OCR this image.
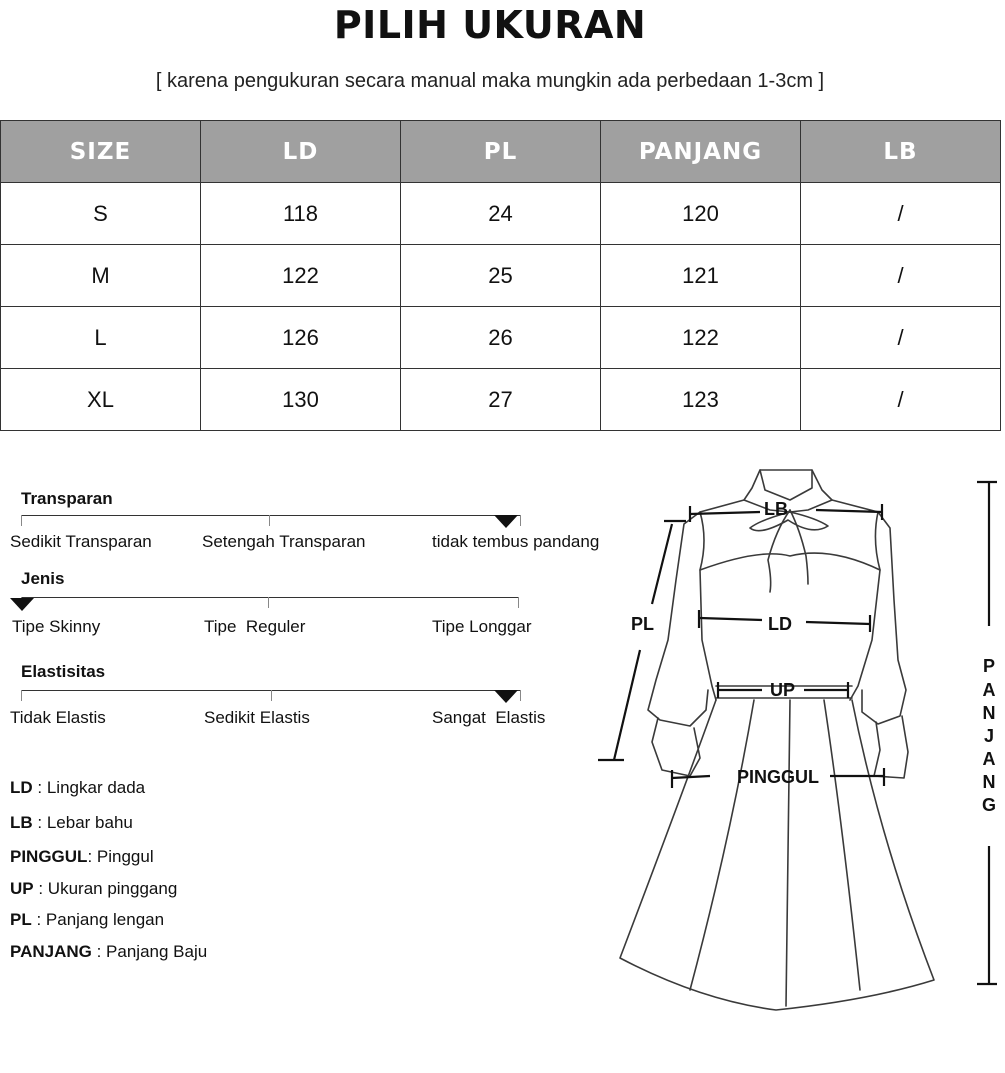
PILIH UKURAN
[ karena pengukuran secara manual maka mungkin ada perbedaan 1-3cm ]
SIZE	LD	PL	PANJANG	LB
S	118	24	120	/
M	122	25	121	/
L	126	26	122	/
XL	130	27	123	/
Transparan
Sedikit Transparan	Setengah Transparan	tidak tembus pandang
Jenis
Tipe Skinny	Tipe  Reguler	Tipe Longgar
Elastisitas
Tidak Elastis	Sedikit Elastis	Sangat  Elastis
LD : Lingkar dada
LB : Lebar bahu
PINGGUL: Pinggul
UP : Ukuran pinggang
PL : Panjang lengan
PANJANG : Panjang Baju
LB
PL	LD
UP
PINGGUL
P
A
N
J
A
N
G
